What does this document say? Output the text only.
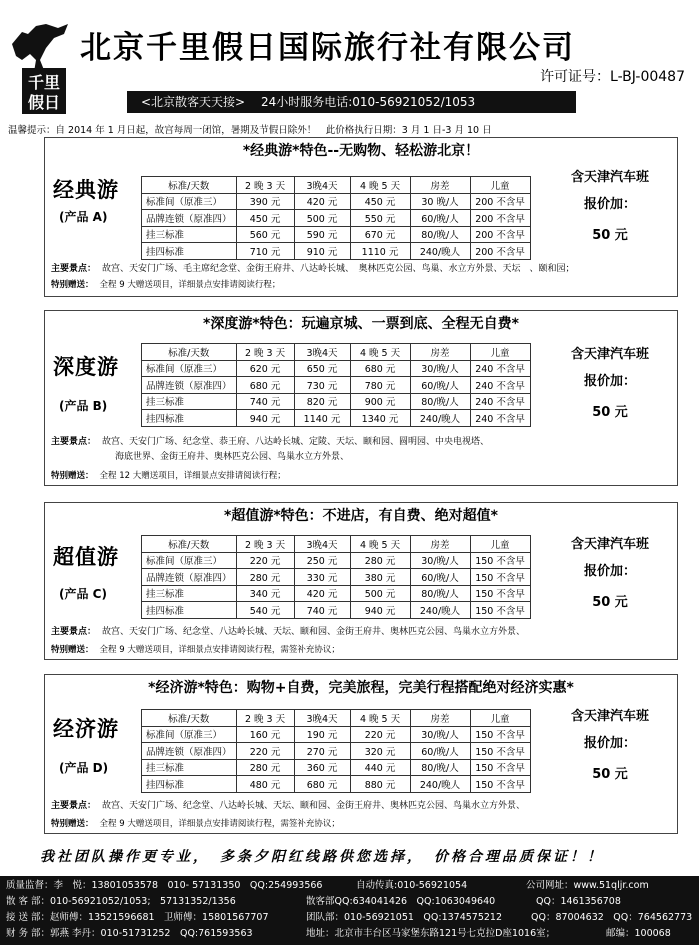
千里
假日
北京千里假日国际旅行社有限公司
许可证号：L-BJ-00487
<北京散客天天接> 24小时服务电话:010-56921052/1053
温馨提示：自 2014 年 1 月日起，故宫每周一闭馆，暑期及节假日除外！　此价格执行日期：3 月 1 日-3 月 10 日
*经典游*特色--无购物、轻松游北京！
经典游
(产品 A)
标准/天数	2 晚 3 天	3晚4天	4 晚 5 天	房差	儿童
标准间（原准三）	390 元	420 元	450 元	30 晚/人	200 不含早
品牌连锁（原准四）	450 元	500 元	550 元	60/晚/人	200 不含早
挂三标准	560 元	590 元	670 元	80/晚/人	200 不含早
挂四标准	710 元	910 元	1110 元	240/晚人	200 不含早
含天津汽车班
报价加：
50 元
主要景点： 故宫、天安门广场、毛主席纪念堂、金街王府井、八达岭长城、　奥林匹克公园、鸟巢、水立方外景、天坛　、颐和园；

特别赠送： 全程 9 大赠送项目，详细景点安排请阅读行程；
*深度游*特色：玩遍京城、一票到底、全程无自费*
深度游
(产品 B)
标准/天数	2 晚 3 天	3晚4天	4 晚 5 天	房差	儿童
标准间（原准三）	620 元	650 元	680 元	30/晚/人	240 不含早
品牌连锁（原准四）	680 元	730 元	780 元	60/晚/人	240 不含早
挂三标准	740 元	820 元	900 元	80/晚/人	240 不含早
挂四标准	940 元	1140 元	1340 元	240/晚人	240 不含早
含天津汽车班
报价加：
50 元
主要景点： 故宫、天安门广场、纪念堂、恭王府、八达岭长城、定陵、天坛、颐和园、圆明园、中央电视塔、
海底世界、金街王府井、奥林匹克公园、鸟巢水立方外景、
特别赠送： 全程 12 大赠送项目，详细景点安排请阅读行程；
*超值游*特色：不进店，有自费、绝对超值*
超值游
(产品 C)
标准/天数	2 晚 3 天	3晚4天	4 晚 5 天	房差	儿童
标准间（原准三）	220 元	250 元	280 元	30/晚/人	150 不含早
品牌连锁（原准四）	280 元	330 元	380 元	60/晚/人	150 不含早
挂三标准	340 元	420 元	500 元	80/晚/人	150 不含早
挂四标准	540 元	740 元	940 元	240/晚人	150 不含早
含天津汽车班
报价加：
50 元
主要景点： 故宫、天安门广场、纪念堂、八达岭长城、天坛、颐和园、金街王府井、奥林匹克公园、鸟巢水立方外景、

特别赠送： 全程 9 大赠送项目，详细景点安排请阅读行程，需签补充协议；
*经济游*特色：购物+自费，完美旅程，完美行程搭配绝对经济实惠*
经济游
(产品 D)
标准/天数	2 晚 3 天	3晚4天	4 晚 5 天	房差	儿童
标准间（原准三）	160 元	190 元	220 元	30/晚/人	150 不含早
品牌连锁（原准四）	220 元	270 元	320 元	60/晚/人	150 不含早
挂三标准	280 元	360 元	440 元	80/晚/人	150 不含早
挂四标准	480 元	680 元	880 元	240/晚人	150 不含早
含天津汽车班
报价加：
50 元
主要景点： 故宫、天安门广场、纪念堂、八达岭长城、天坛、颐和园、金街王府井、奥林匹克公园、鸟巢水立方外景、

特别赠送： 全程 9 大赠送项目，详细景点安排请阅读行程，需签补充协议；
我社团队操作更专业，　多条夕阳红线路供您选择，　价格合理品质保证！！
质量监督：李　悦：13801053578　010- 57131350　QQ:254993566	自动传真:010-56921054	公司网址：www.51qljr.com
散 客 部：010-56921052/1053;　57131352/1356	散客部QQ:634041426　QQ:1063049640	QQ：1461356708
接 送 部：赵师傅：13521596681　卫师傅：15801567707	团队部：010-56921051　QQ:1374575212	QQ：87004632　QQ：764562773
财 务 部：郭燕 李丹：010-51731252　QQ:761593563	地址：北京市丰台区马家堡东路121号七克拉D座1016室；	邮编：100068
